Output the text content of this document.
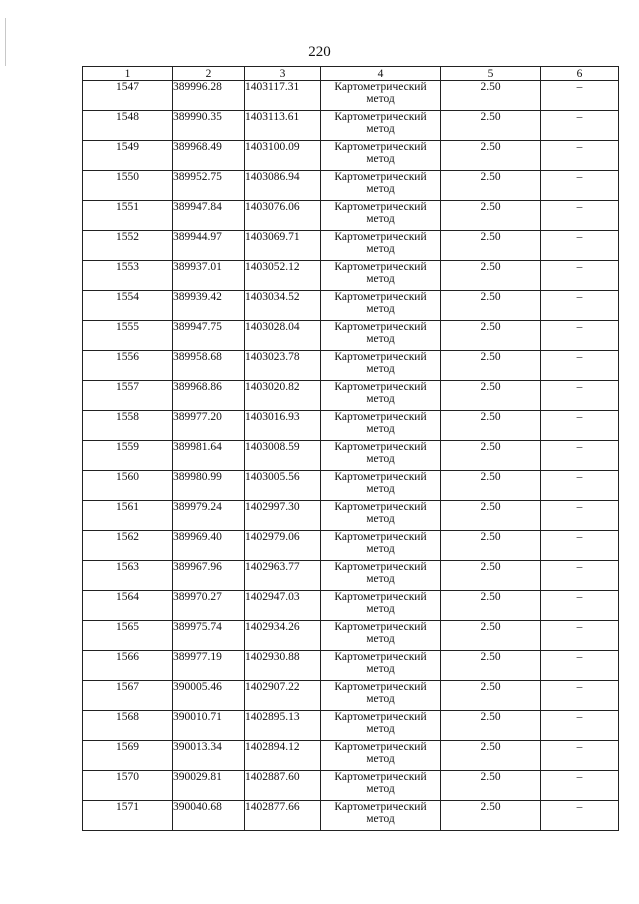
220
1	2	3	4	5	6
1547	389996.28	1403117.31	Картометрический
метод	2.50	–
1548	389990.35	1403113.61	Картометрический
метод	2.50	–
1549	389968.49	1403100.09	Картометрический
метод	2.50	–
1550	389952.75	1403086.94	Картометрический
метод	2.50	–
1551	389947.84	1403076.06	Картометрический
метод	2.50	–
1552	389944.97	1403069.71	Картометрический
метод	2.50	–
1553	389937.01	1403052.12	Картометрический
метод	2.50	–
1554	389939.42	1403034.52	Картометрический
метод	2.50	–
1555	389947.75	1403028.04	Картометрический
метод	2.50	–
1556	389958.68	1403023.78	Картометрический
метод	2.50	–
1557	389968.86	1403020.82	Картометрический
метод	2.50	–
1558	389977.20	1403016.93	Картометрический
метод	2.50	–
1559	389981.64	1403008.59	Картометрический
метод	2.50	–
1560	389980.99	1403005.56	Картометрический
метод	2.50	–
1561	389979.24	1402997.30	Картометрический
метод	2.50	–
1562	389969.40	1402979.06	Картометрический
метод	2.50	–
1563	389967.96	1402963.77	Картометрический
метод	2.50	–
1564	389970.27	1402947.03	Картометрический
метод	2.50	–
1565	389975.74	1402934.26	Картометрический
метод	2.50	–
1566	389977.19	1402930.88	Картометрический
метод	2.50	–
1567	390005.46	1402907.22	Картометрический
метод	2.50	–
1568	390010.71	1402895.13	Картометрический
метод	2.50	–
1569	390013.34	1402894.12	Картометрический
метод	2.50	–
1570	390029.81	1402887.60	Картометрический
метод	2.50	–
1571	390040.68	1402877.66	Картометрический
метод	2.50	–
